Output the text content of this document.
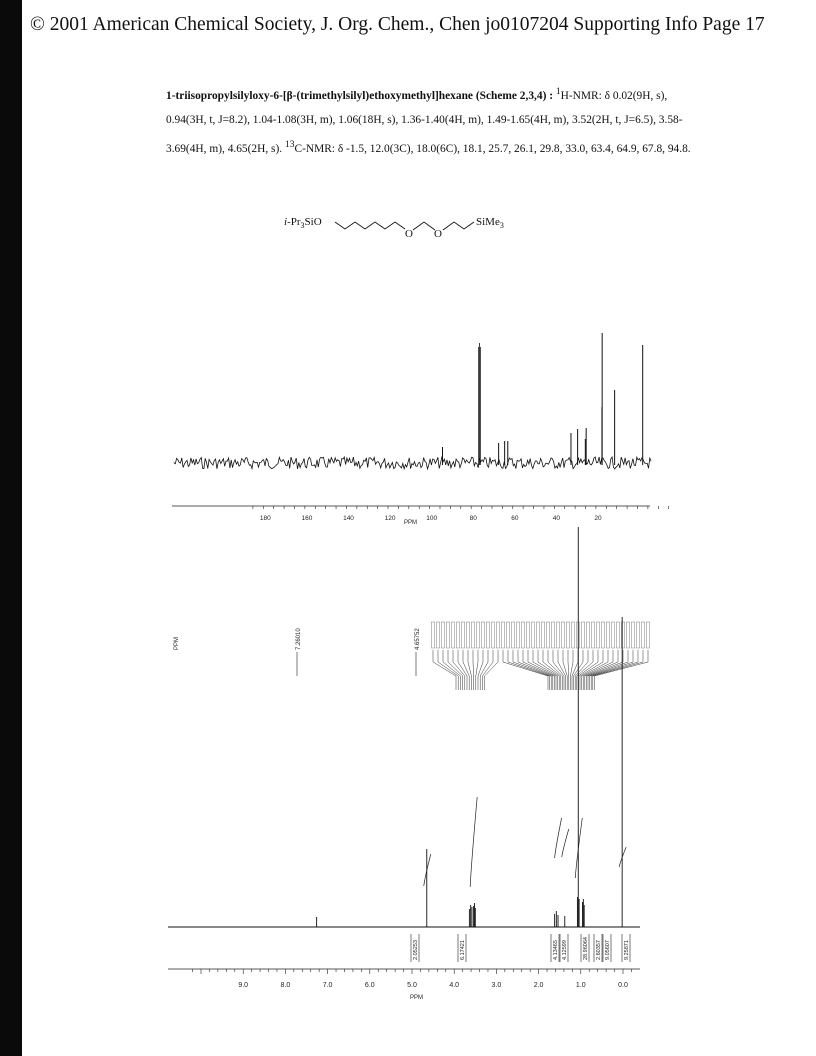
© 2001 American Chemical Society, J. Org. Chem., Chen jo0107204 Supporting Info Page 17
1-triisopropylsilyloxy-6-[β-(trimethylsilyl)ethoxymethyl]hexane (Scheme 2,3,4) : $^1$H-NMR: δ 0.02(9H, s), 0.94(3H, t, J=8.2), 1.04-1.08(3H, m), 1.06(18H, s), 1.36-1.40(4H, m), 1.49-1.65(4H, m), 3.52(2H, t, J=6.5), 3.58-3.69(4H, m), 4.65(2H, s). $^{13}$C-NMR: δ -1.5, 12.0(3C), 18.0(6C), 18.1, 25.7, 26.1, 29.8, 33.0, 63.4, 64.9, 67.8, 94.8.
$i-Pr_3SiO$
O O
SiMe$_3$
180	160	140	120	100	80	60	40	20
PPM
PPM	7.26010	4.65752
2.05253	6.17421	4.13465 4.12599	28.96064 2.60357 9.05607 9.25871
9.0	8.0	7.0	6.0	5.0	4.0	3.0	2.0	1.0	0.0
PPM
